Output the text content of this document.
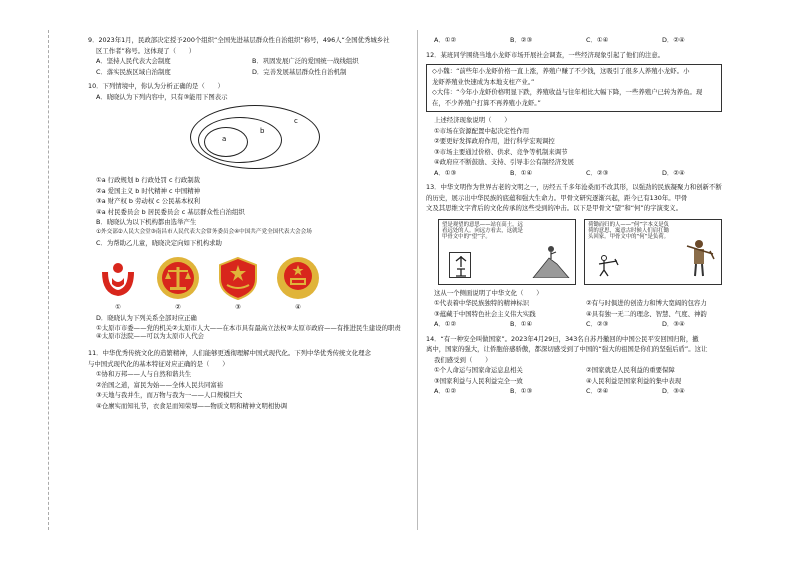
9．2023年1月，民政部决定授予200个组织“全国先进基层群众性自治组织”称号，496人“全国优秀城乡社
区工作者”称号。这体现了（　　）
A．坚持人民代表大会制度	B．巩固发展广泛的爱国统一战线组织
C．落实民族区域自治制度	D．完善发展基层群众性自治机制
10．下列情境中，你认为分析正确的是（　　）
A．晓晓认为下列内容中，只有③能用下图表示
a
b
c
①a 行政规划 b 行政处罚 c 行政制裁
②a 爱国主义 b 时代精神 c 中国精神
③a 财产权 b 劳动权 c 公民基本权利
④a 村民委员会 b 居民委员会 c 基层群众性自治组织
B．晓晓认为以下机构都由选举产生
①外交部②人民大会堂③南昌市人民代表大会常务委员会④中国共产党全国代表大会会场
C．为帮助乙儿童，晓晓决定向如下机构求助
①	②	③	④
D．晓晓认为下列关系全部对应正确
①太原市市委——党的机关②太原市人大——在本市具有最高立法权③太原市政府——有推进民生建设的职责④太原市法院——可以为太原市人代会
11．中华优秀传统文化的造繁精神，人们能够更透彻理解中国式现代化。下列中华优秀传统文化理念
与中国式现代化的基本特征对应正确的是（　　）
①协和万邦——人与自然和谐共生
②治国之道，富民为始——全体人民共同富裕
③天地与我并生，而万物与我为一——人口规模巨大
④仓廪实而知礼节，衣食足而知荣辱——物质文明和精神文明相协调
A．①②	B．②③	C．①④	D．②④
12．某班同学围绕当地小龙虾市场开展社会调查，一些经济现象引起了他们的注意。
◇小魏：“前些年小龙虾价格一直上涨，养殖户赚了不少钱，这吸引了很多人养殖小龙虾。小
龙虾养殖业快速成为本地支柱产业。”
◇大伟：“今年小龙虾价格明显下跌，养殖收益与往年相比大幅下降，一些养殖户已转为养鱼。现
在，不少养殖户打算不再养殖小龙虾。”
上述经济现象说明（　　）
①市场在资源配置中起决定性作用
②要更好发挥政府作用，进行科学宏观调控
③市场主要通过价格、供求、竞争等机制来调节
④政府应不断鼓励、支持、引导非公有制经济发展
A．①③	B．①④	C．②③	D．②④
13．中华文明作为世界古老的文明之一，历经五千多年沧桑而不改其形，以强劲的民族凝聚力和创新不断
的历史，展示出中华民族的底蕴和强大生命力。甲骨文研究逐渐兴起，距今已有130年。甲骨
文及其思维文字背后的文化传承的这些受到的冲击。以下是甲骨文“望”和“何”的字演变义。
望是观望的意思——站在高土，远看远处的人。向远方看去，这就是甲骨文中的“望”字。
荷锄而归的人——“何”字本义是负荷的意思，寓意古时候人们肩扛锄头回家。甲骨文中的“何”是负荷。
这从一个侧面说明了中华文化（　　）
①代表着中华民族独特的精神标识	②有与时俱进的创造力和博大宽阔的包容力
③蕴藏于中国特色社会主义伟大实践	④具有独一无二的理念、智慧、气度、神韵
A．①②	B．①④	C．②③	D．③④
14．“有一种安全叫做国家”。2023年4月29日，343名自苏丹撤回的中国公民平安回国归附，撤
离中，国家的强大，让侨胞倍感骄傲，都深切感受到了中国的“强大的祖国是你们的坚强后盾”。这让
我们感受到（　　）
①个人命运与国家命运息息相关	②国家就是人民利益的重要保障
③国家利益与人民利益完全一致	④人民利益是国家利益的集中表现
A．①②	B．①③	C．②④	D．③④
